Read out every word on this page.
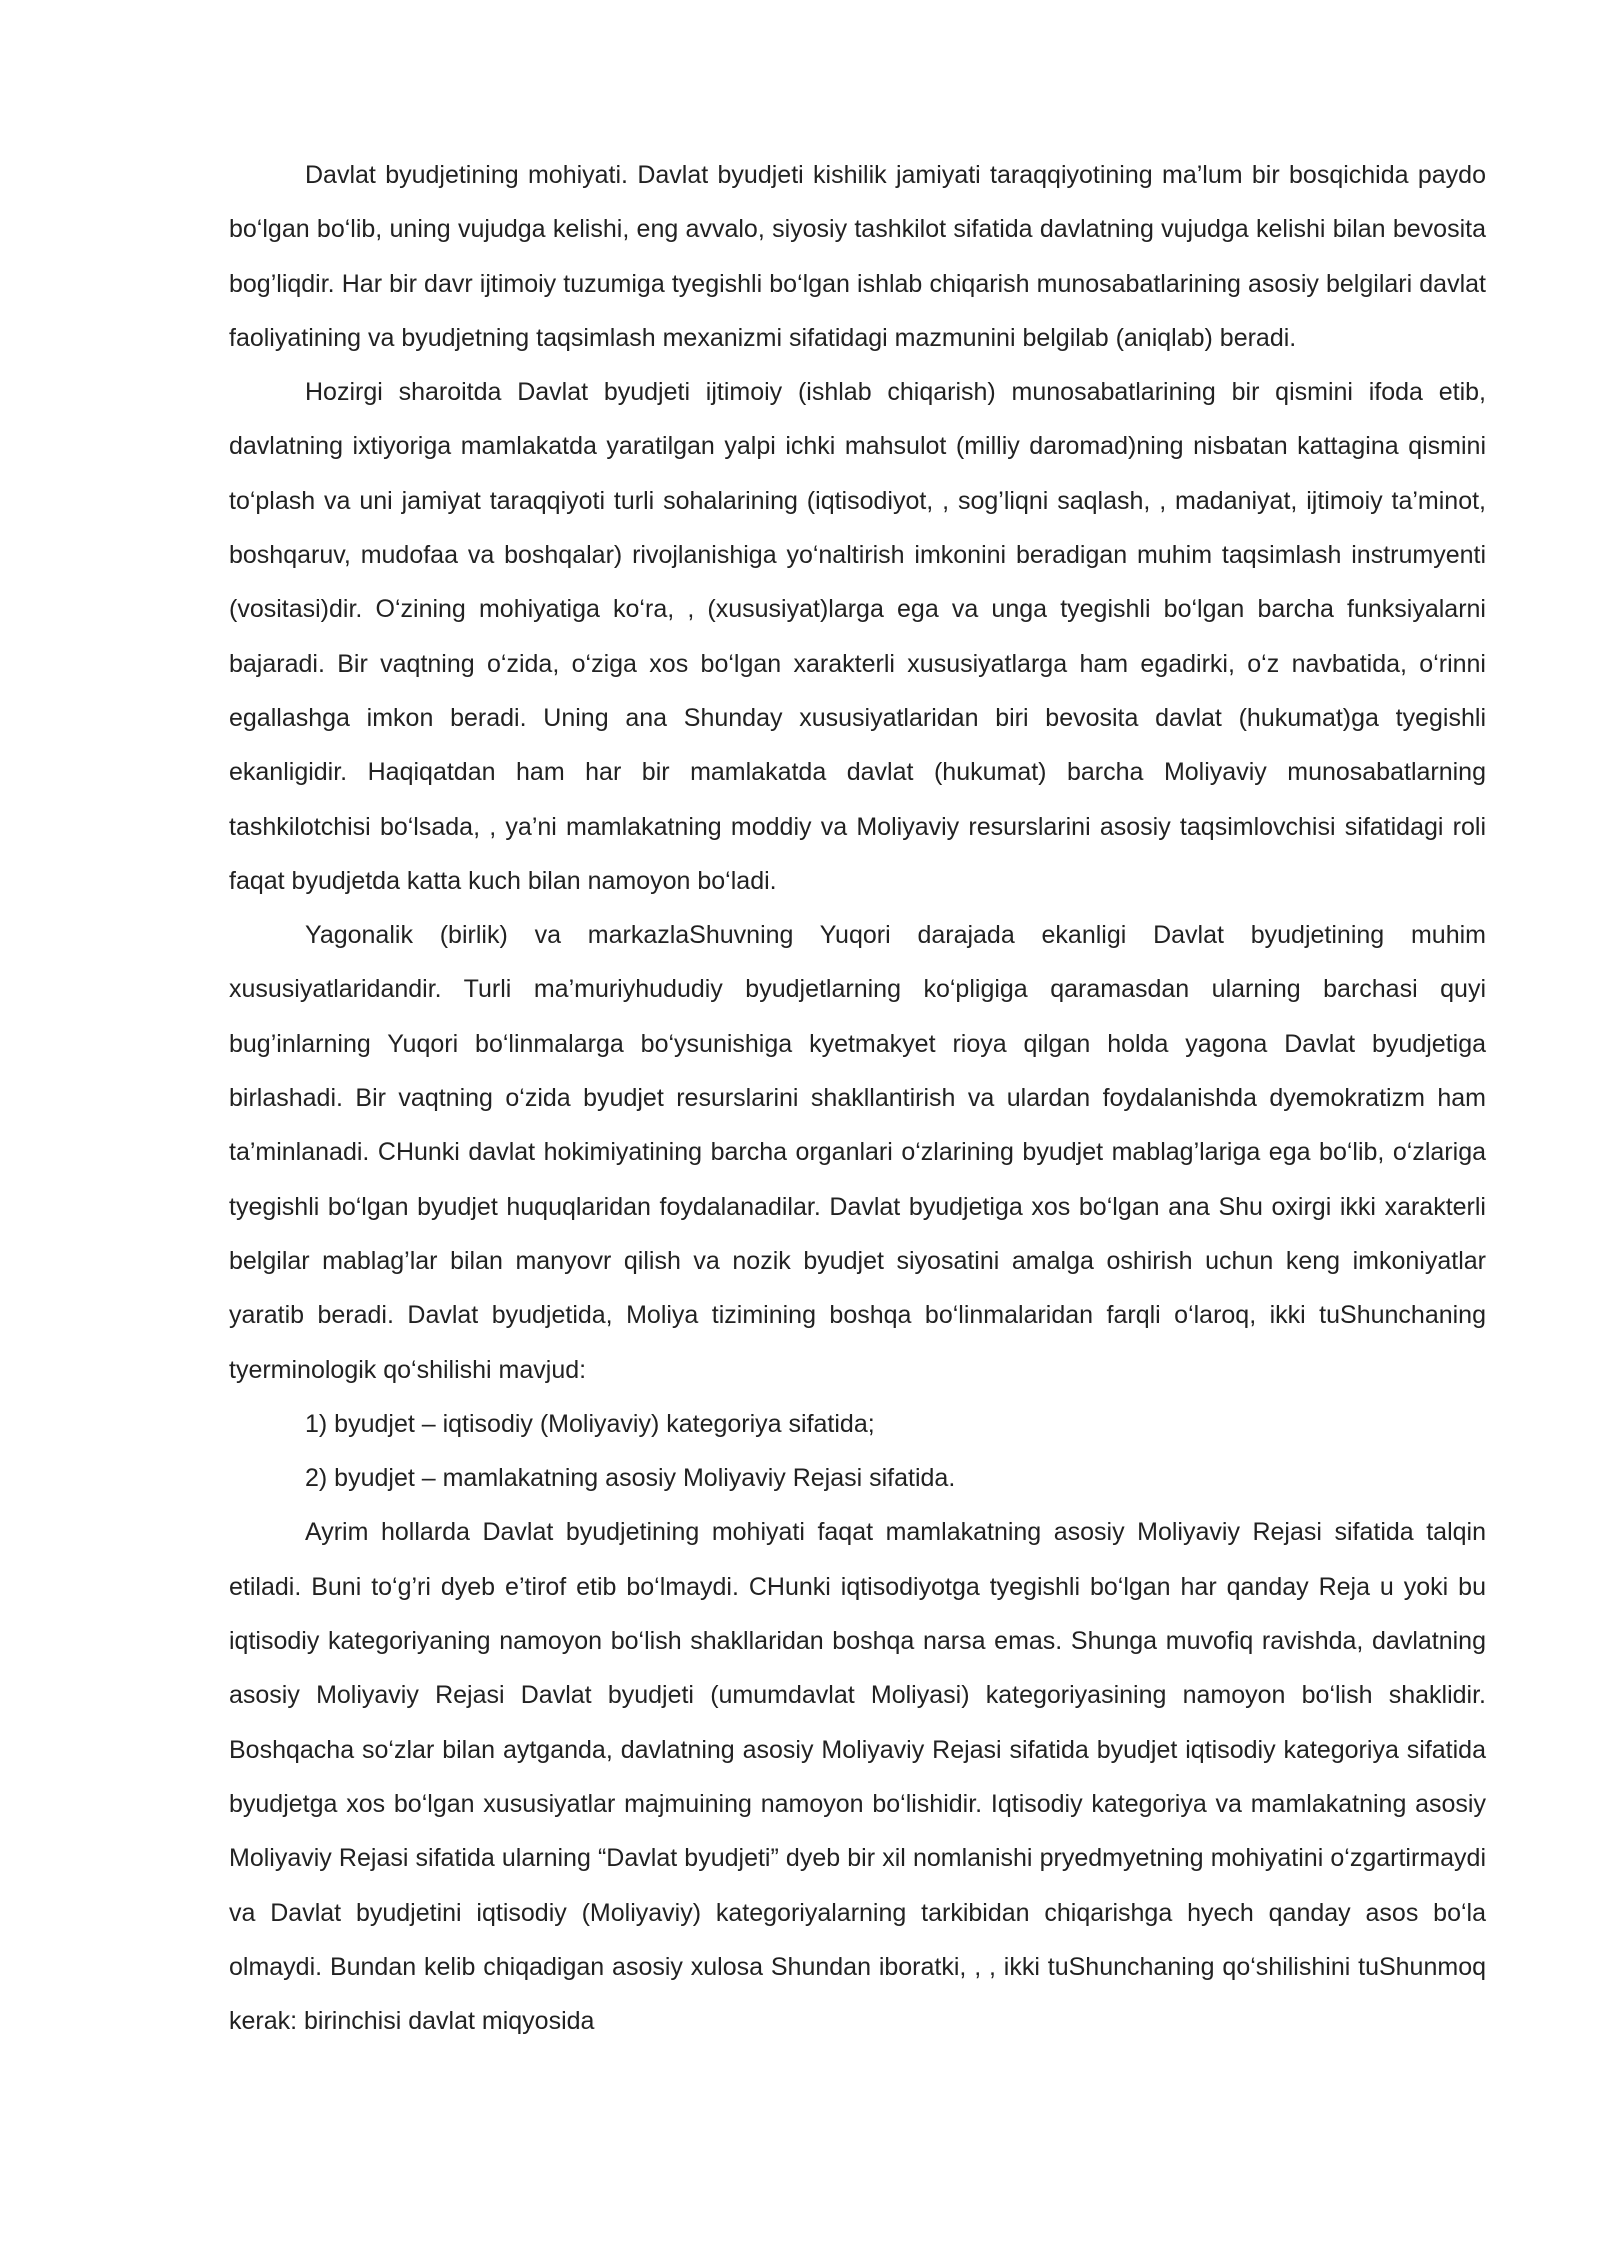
Davlat byudjetining mohiyati. Davlat byudjeti kishilik jamiyati taraqqiyotining ma’lum bir bosqichida paydo bo‘lgan bo‘lib, uning vujudga kelishi, eng avvalo, siyosiy tashkilot sifatida davlatning vujudga kelishi bilan bevosita bog’liqdir. Har bir davr ijtimoiy tuzumiga tyegishli bo‘lgan ishlab chiqarish munosabatlarining asosiy belgilari davlat faoliyatining va byudjetning taqsimlash mexanizmi sifatidagi mazmunini belgilab (aniqlab) beradi.

Hozirgi sharoitda Davlat byudjeti ijtimoiy (ishlab chiqarish) munosabatlarining bir qismini ifoda etib, davlatning ixtiyoriga mamlakatda yaratilgan yalpi ichki mahsulot (milliy daromad)ning nisbatan kattagina qismini to‘plash va uni jamiyat taraqqiyoti turli sohalarining (iqtisodiyot, , sog’liqni saqlash, , madaniyat, ijtimoiy ta’minot, boshqaruv, mudofaa va boshqalar) rivojlanishiga yo‘naltirish imkonini beradigan muhim taqsimlash instrumyenti (vositasi)dir. O‘zining mohiyatiga ko‘ra, , (xususiyat)larga ega va unga tyegishli bo‘lgan barcha funksiyalarni bajaradi. Bir vaqtning o‘zida, o‘ziga xos bo‘lgan xarakterli xususiyatlarga ham egadirki, o‘z navbatida, o‘rinni egallashga imkon beradi. Uning ana Shunday xususiyatlaridan biri bevosita davlat (hukumat)ga tyegishli ekanligidir. Haqiqatdan ham har bir mamlakatda davlat (hukumat) barcha Moliyaviy munosabatlarning tashkilotchisi bo‘lsada, , ya’ni mamlakatning moddiy va Moliyaviy resurslarini asosiy taqsimlovchisi sifatidagi roli faqat byudjetda katta kuch bilan namoyon bo‘ladi.

Yagonalik (birlik) va markazlaShuvning Yuqori darajada ekanligi Davlat byudjetining muhim xususiyatlaridandir. Turli ma’muriyhududiy byudjetlarning ko‘pligiga qaramasdan ularning barchasi quyi bug’inlarning Yuqori bo‘linmalarga bo‘ysunishiga kyetmakyet rioya qilgan holda yagona Davlat byudjetiga birlashadi. Bir vaqtning o‘zida byudjet resurslarini shakllantirish va ulardan foydalanishda dyemokratizm ham ta’minlanadi. CHunki davlat hokimiyatining barcha organlari o‘zlarining byudjet mablag’lariga ega bo‘lib, o‘zlariga tyegishli bo‘lgan byudjet huquqlaridan foydalanadilar. Davlat byudjetiga xos bo‘lgan ana Shu oxirgi ikki xarakterli belgilar mablag’lar bilan manyovr qilish va nozik byudjet siyosatini amalga oshirish uchun keng imkoniyatlar yaratib beradi. Davlat byudjetida, Moliya tizimining boshqa bo‘linmalaridan farqli o‘laroq, ikki tuShunchaning tyerminologik qo‘shilishi mavjud:

1) byudjet – iqtisodiy (Moliyaviy) kategoriya sifatida;

2) byudjet – mamlakatning asosiy Moliyaviy Rejasi sifatida.

Ayrim hollarda Davlat byudjetining mohiyati faqat mamlakatning asosiy Moliyaviy Rejasi sifatida talqin etiladi. Buni to‘g’ri dyeb e’tirof etib bo‘lmaydi. CHunki iqtisodiyotga tyegishli bo‘lgan har qanday Reja u yoki bu iqtisodiy kategoriyaning namoyon bo‘lish shakllaridan boshqa narsa emas. Shunga muvofiq ravishda, davlatning asosiy Moliyaviy Rejasi Davlat byudjeti (umumdavlat Moliyasi) kategoriyasining namoyon bo‘lish shaklidir. Boshqacha so‘zlar bilan aytganda, davlatning asosiy Moliyaviy Rejasi sifatida byudjet iqtisodiy kategoriya sifatida byudjetga xos bo‘lgan xususiyatlar majmuining namoyon bo‘lishidir. Iqtisodiy kategoriya va mamlakatning asosiy Moliyaviy Rejasi sifatida ularning “Davlat byudjeti” dyeb bir xil nomlanishi pryedmyetning mohiyatini o‘zgartirmaydi va Davlat byudjetini iqtisodiy (Moliyaviy) kategoriyalarning tarkibidan chiqarishga hyech qanday asos bo‘la olmaydi. Bundan kelib chiqadigan asosiy xulosa Shundan iboratki, , , ikki tuShunchaning qo‘shilishini tuShunmoq kerak: birinchisi davlat miqyosida
